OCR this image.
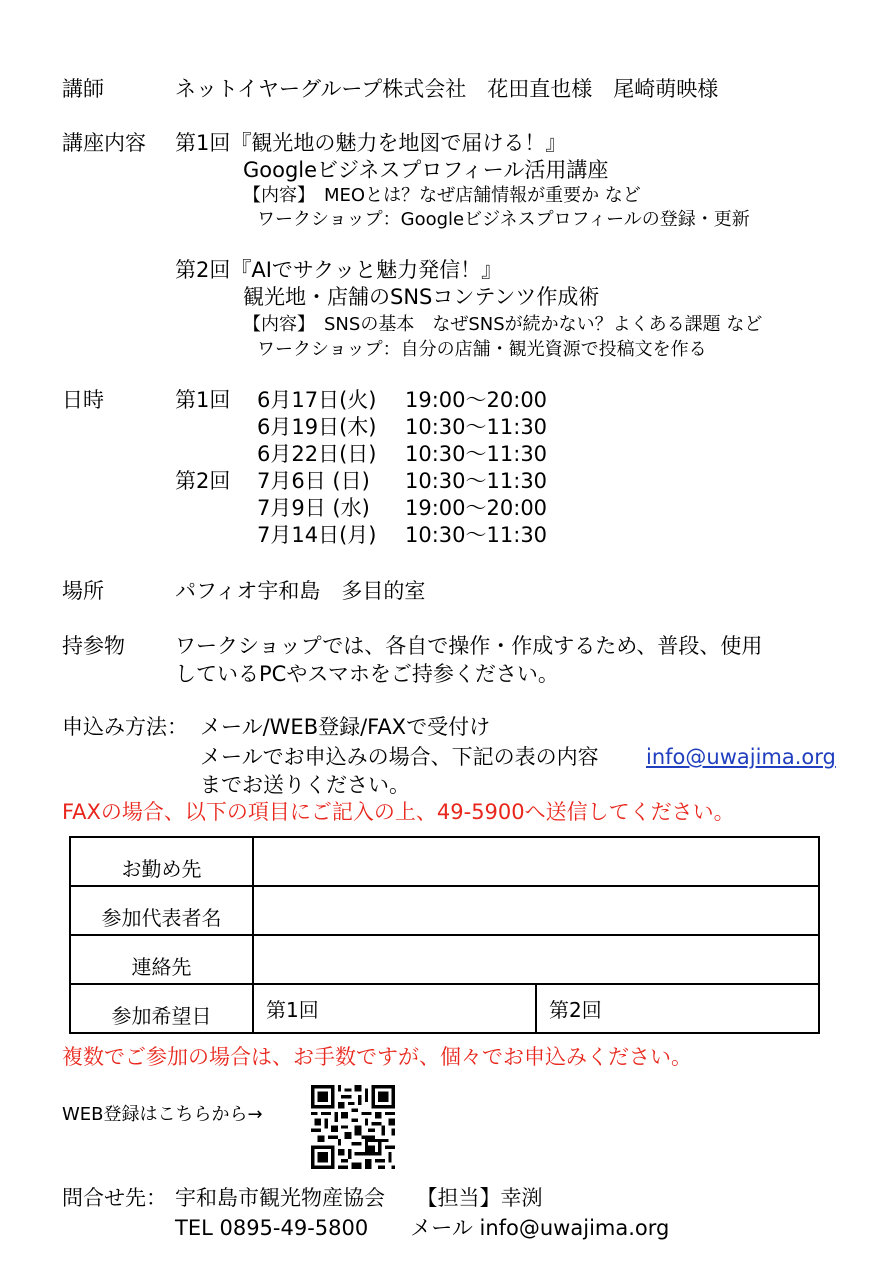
講師	ネットイヤーグループ株式会社　花田直也様　尾崎萌映様
講座内容 第1回『観光地の魅力を地図で届ける！』
Googleビジネスプロフィール活用講座
【内容】　MEOとは？なぜ店舗情報が重要か など
ワークショップ：Googleビジネスプロフィールの登録・更新
第2回『AIでサクッと魅力発信！』
観光地・店舗のSNSコンテンツ作成術
【内容】　SNSの基本　なぜSNSが続かない？よくある課題 など
ワークショップ：自分の店舗・観光資源で投稿文を作る
日時	第1回 6月17日(火) 19:00～20:00
6月19日(木) 10:30～11:30
6月22日(日) 10:30～11:30
第2回 7月6日 (日) 10:30～11:30
7月9日 (水) 19:00～20:00
7月14日(月) 10:30～11:30
場所	パフィオ宇和島　多目的室
持参物 ワークショップでは、各自で操作・作成するため、普段、使用
しているPCやスマホをご持参ください。
申込み方法： メール/WEB登録/FAXで受付け
メールでお申込みの場合、下記の表の内容 info@uwajima.org
までお送りください。
FAXの場合、以下の項目にご記入の上、49-5900へ送信してください。
お勤め先		
参加代表者名		
連絡先		
参加希望日	第1回	第2回
複数でご参加の場合は、お手数ですが、個々でお申込みください。
WEB登録はこちらから→
問合せ先： 宇和島市観光物産協会　　【担当】幸渕
TEL 0895-49-5800　　メール info@uwajima.org
